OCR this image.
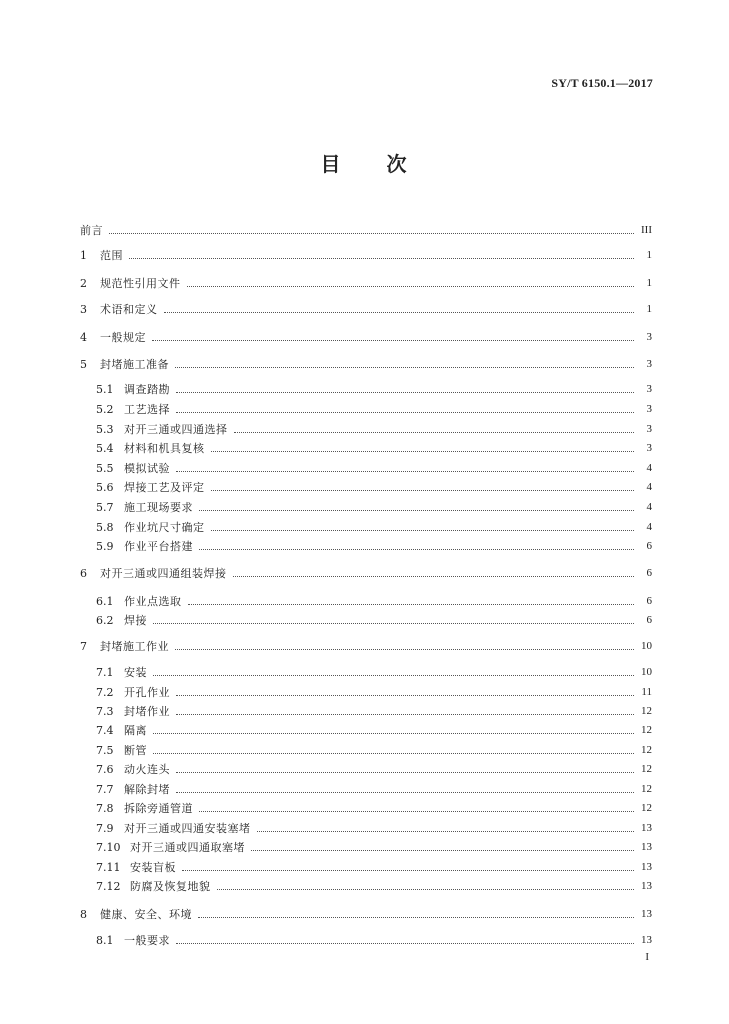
SY/T 6150.1—2017
目 次
前言	III
1	范围	1
2	规范性引用文件	1
3	术语和定义	1
4	一般规定	3
5	封堵施工准备	3
5.1 调查踏勘	3
5.2 工艺选择	3
5.3 对开三通或四通选择	3
5.4 材料和机具复核	3
5.5 模拟试验	4
5.6 焊接工艺及评定	4
5.7 施工现场要求	4
5.8 作业坑尺寸确定	4
5.9 作业平台搭建	6
6	对开三通或四通组装焊接	6
6.1 作业点选取	6
6.2 焊接	6
7	封堵施工作业	10
7.1 安装	10
7.2 开孔作业	11
7.3 封堵作业	12
7.4 隔离	12
7.5 断管	12
7.6 动火连头	12
7.7 解除封堵	12
7.8 拆除旁通管道	12
7.9 对开三通或四通安装塞堵	13
7.10 对开三通或四通取塞堵	13
7.11 安装盲板	13
7.12 防腐及恢复地貌	13
8	健康、安全、环境	13
8.1 一般要求	13
I
